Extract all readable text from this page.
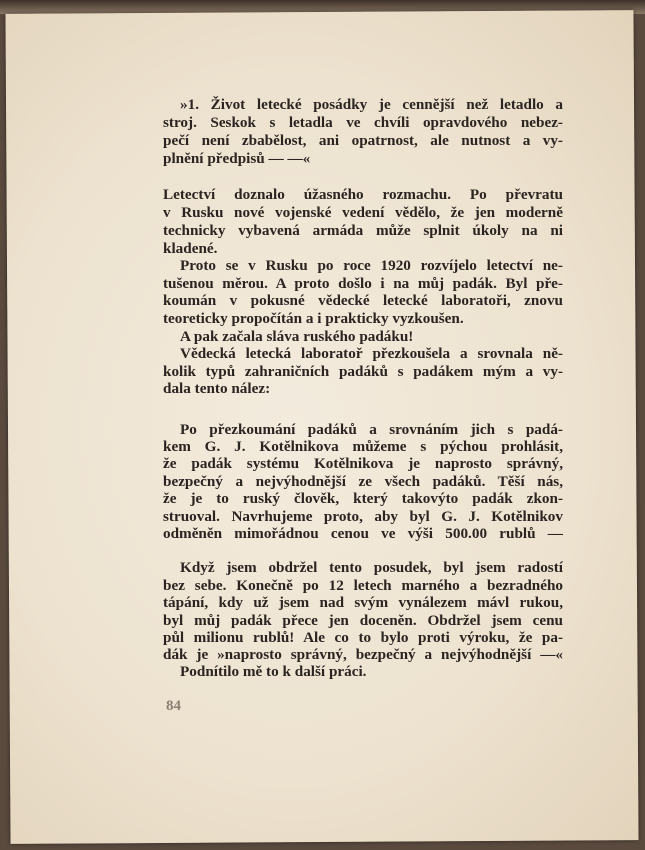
»1. Život letecké posádky je cennější než letadlo a
stroj. Seskok s letadla ve chvíli opravdového nebez-
pečí není zbabělost, ani opatrnost, ale nutnost a vy-
plnění předpisů — —«
Letectví doznalo úžasného rozmachu. Po převratu
v Rusku nové vojenské vedení vědělo, že jen moderně
technicky vybavená armáda může splnit úkoly na ni
kladené.
Proto se v Rusku po roce 1920 rozvíjelo letectví ne-
tušenou měrou. A proto došlo i na můj padák. Byl pře-
koumán v pokusné vědecké letecké laboratoři, znovu
teoreticky propočítán a i prakticky vyzkoušen.
A pak začala sláva ruského padáku!
Vědecká letecká laboratoř přezkoušela a srovnala ně-
kolik typů zahraničních padáků s padákem mým a vy-
dala tento nález:
Po přezkoumání padáků a srovnáním jich s padá-
kem G. J. Kotělnikova můžeme s pýchou prohlásit,
že padák systému Kotělnikova je naprosto správný,
bezpečný a nejvýhodnější ze všech padáků. Těší nás,
že je to ruský člověk, který takovýto padák zkon-
struoval. Navrhujeme proto, aby byl G. J. Kotělnikov
odměněn mimořádnou cenou ve výši 500.00 rublů —
Když jsem obdržel tento posudek, byl jsem radostí
bez sebe. Konečně po 12 letech marného a bezradného
tápání, kdy už jsem nad svým vynálezem mávl rukou,
byl můj padák přece jen doceněn. Obdržel jsem cenu
půl milionu rublů! Ale co to bylo proti výroku, že pa-
dák je »naprosto správný, bezpečný a nejvýhodnější —«
Podnítilo mě to k další práci.
84
